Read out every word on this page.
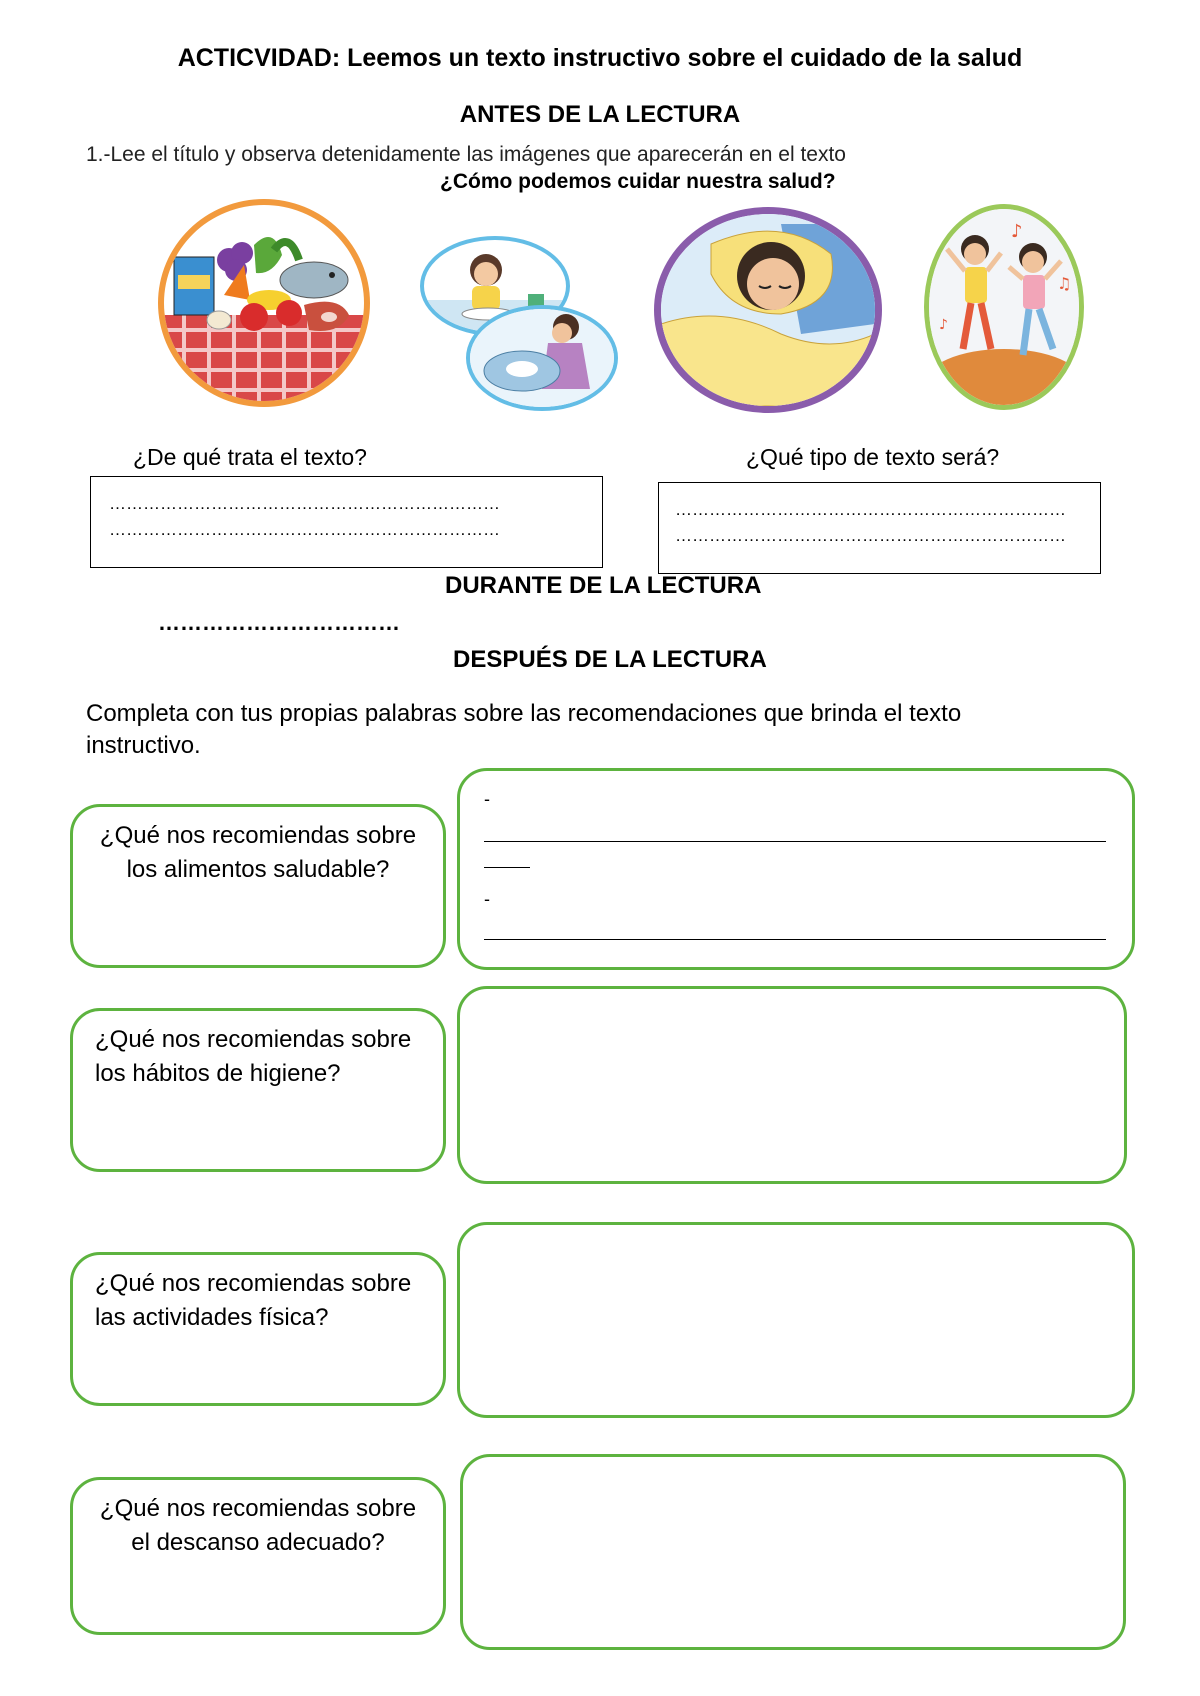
ACTICVIDAD: Leemos un texto instructivo sobre el cuidado de la salud
ANTES DE LA LECTURA
1.-Lee el título y observa detenidamente las imágenes que aparecerán en el texto
¿Cómo podemos cuidar nuestra salud?
♪
♫
♪
¿De qué trata el texto?	¿Qué tipo de texto será?
……………………………………………………………
……………………………………………………………
……………………………………………………………
……………………………………………………………
DURANTE DE LA LECTURA
……………………………
DESPUÉS DE LA LECTURA
Completa con tus propias palabras sobre las recomendaciones que brinda el texto instructivo.
¿Qué nos recomiendas sobre los alimentos saludable?
-
-
¿Qué nos recomiendas sobre los hábitos de higiene?
¿Qué nos recomiendas sobre las actividades física?
¿Qué nos recomiendas sobre el descanso adecuado?
